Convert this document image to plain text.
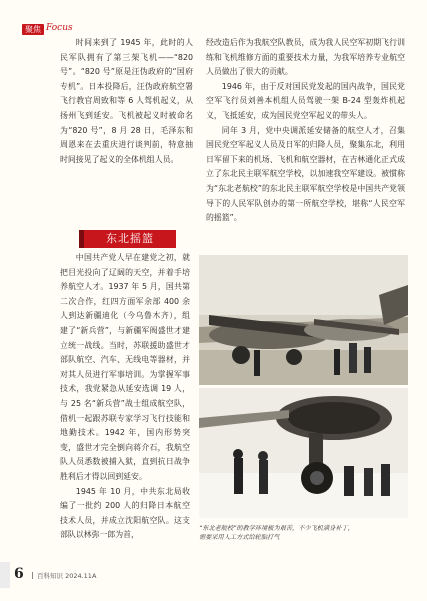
聚焦 Focus

时间来到了 1945 年，此时的人民军队拥有了第三架飞机——“820 号”。“820 号”原是汪伪政府的“国府专机”。日本投降后，汪伪政府航空署飞行教官周致和等 6 人驾机起义，从扬州飞到延安。飞机被起义时被命名为“820 号”，8 月 28 日，毛泽东和周恩来在去重庆进行谈判前，特意抽时间接见了起义的全体机组人员。

经改造后作为我航空队教员，成为我人民空军初期飞行训练和飞机维修方面的重要技术力量，为我军培养专业航空人员做出了很大的贡献。

1946 年，由于反对国民党发起的国内战争，国民党空军飞行员刘善本机组人员驾驶一架 B-24 型轰炸机起义，飞抵延安，成为国民党空军起义的带头人。

同年 3 月，党中央调派延安储备的航空人才，召集国民党空军起义人员及日军的归降人员，聚集东北，利用日军留下来的机场、飞机和航空器材，在吉林通化正式成立了东北民主联军航空学校，以加速我空军建设。被惯称为“东北老航校”的东北民主联军航空学校是中国共产党领导下的人民军队创办的第一所航空学校，堪称“人民空军的摇篮”。

东北摇篮

中国共产党人早在建党之初，就把目光投向了辽阔的天空，并着手培养航空人才。1937 年 5 月，国共第二次合作，红四方面军余部 400 余人到达新疆迪化（今乌鲁木齐），组建了“新兵营”，与新疆军阀盛世才建立统一战线。当时，苏联援助盛世才部队航空、汽车、无线电等器材，并对其人员进行军事培训。为掌握军事技术，我党紧急从延安选调 19 人，与 25 名“新兵营”战士组成航空队，借机一起跟苏联专家学习飞行技能和地勤技术。1942 年，国内形势突变，盛世才完全倒向蒋介石，我航空队人员悉数被捕入狱，直到抗日战争胜利后才得以回到延安。

1945 年 10 月，中共东北局收编了一批约 200 人的归降日本航空技术人员，并成立沈阳航空队。这支部队以林弥一郎为首，

“东北老航校”的教学环境极为艰苦，不少飞机满身补丁，

需要采用人工方式给轮胎打气

6	百科知识 2024.11A
